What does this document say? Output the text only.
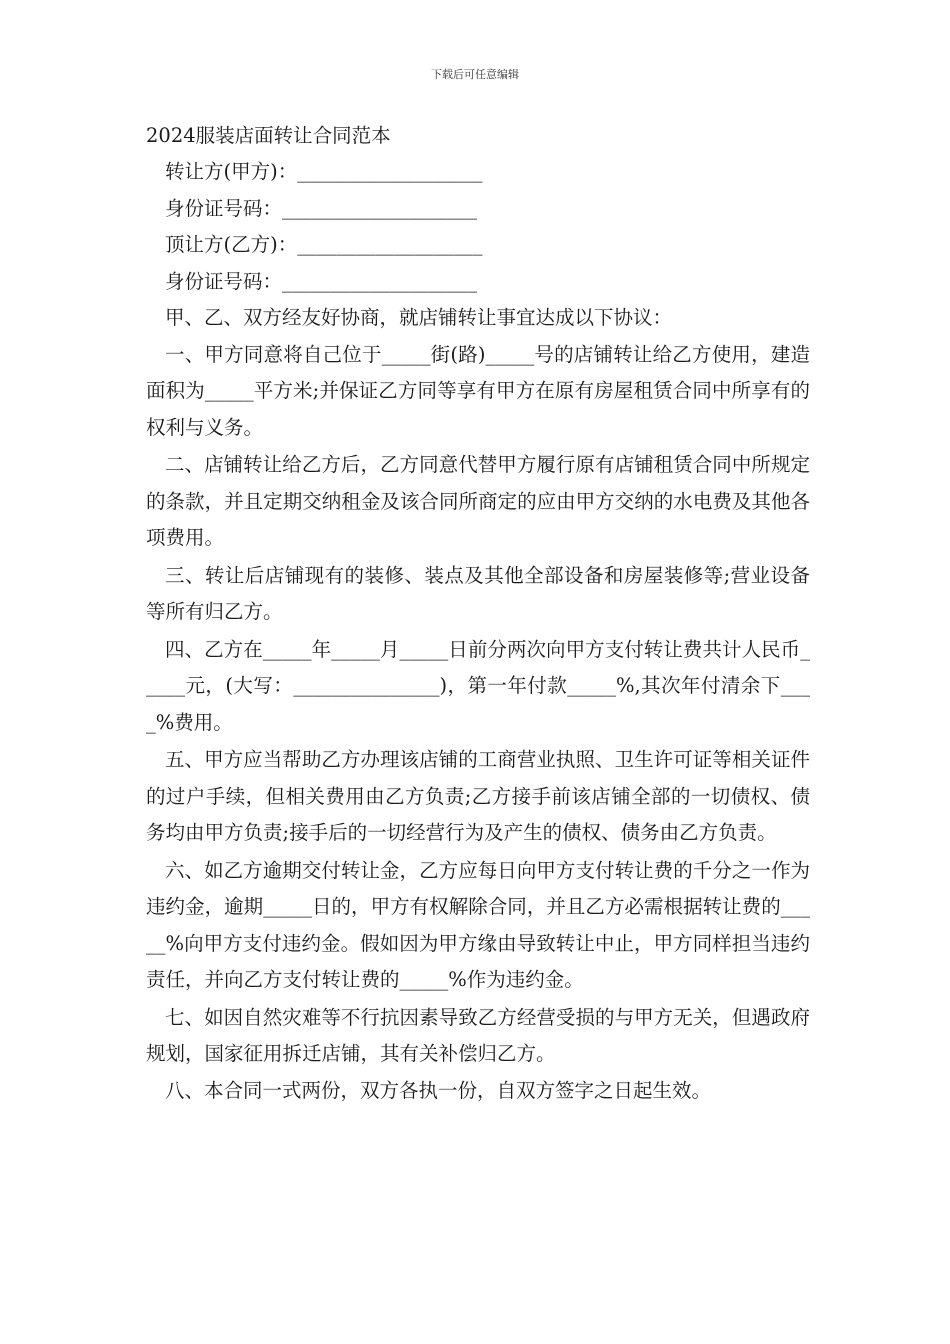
下载后可任意编辑

2024服装店面转让合同范本

转让方(甲方)：___________________

身份证号码：____________________

顶让方(乙方)：___________________

身份证号码：____________________

甲、乙、双方经友好协商，就店铺转让事宜达成以下协议：

一、甲方同意将自己位于_____街(路)_____号的店铺转让给乙方使用，建造面积为_____平方米;并保证乙方同等享有甲方在原有房屋租赁合同中所享有的权利与义务。

二、店铺转让给乙方后，乙方同意代替甲方履行原有店铺租赁合同中所规定的条款，并且定期交纳租金及该合同所商定的应由甲方交纳的水电费及其他各项费用。

三、转让后店铺现有的装修、装点及其他全部设备和房屋装修等;营业设备等所有归乙方。

四、乙方在_____年_____月_____日前分两次向甲方支付转让费共计人民币_____元，(大写：_______________)，第一年付款_____%,其次年付清余下____%费用。

五、甲方应当帮助乙方办理该店铺的工商营业执照、卫生许可证等相关证件的过户手续，但相关费用由乙方负责;乙方接手前该店铺全部的一切债权、债务均由甲方负责;接手后的一切经营行为及产生的债权、债务由乙方负责。

六、如乙方逾期交付转让金，乙方应每日向甲方支付转让费的千分之一作为违约金，逾期_____日的，甲方有权解除合同，并且乙方必需根据转让费的_____%向甲方支付违约金。假如因为甲方缘由导致转让中止，甲方同样担当违约责任，并向乙方支付转让费的_____%作为违约金。

七、如因自然灾难等不行抗因素导致乙方经营受损的与甲方无关，但遇政府规划，国家征用拆迁店铺，其有关补偿归乙方。

八、本合同一式两份，双方各执一份，自双方签字之日起生效。
